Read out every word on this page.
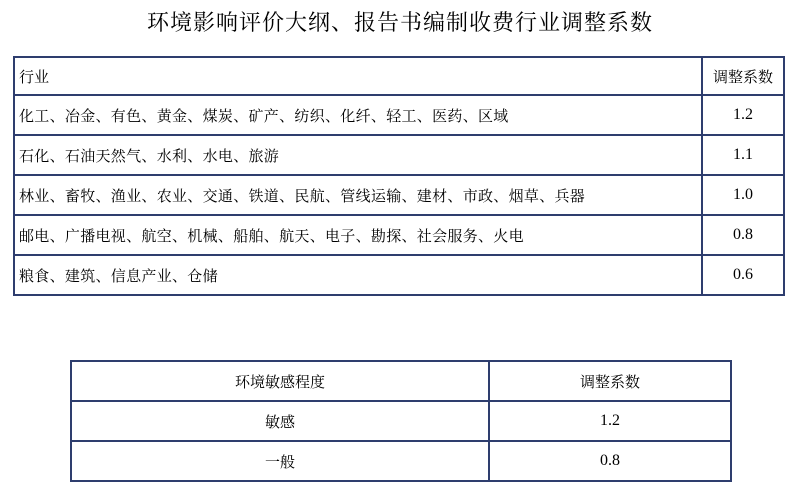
环境影响评价大纲、报告书编制收费行业调整系数
行业	调整系数
化工、冶金、有色、黄金、煤炭、矿产、纺织、化纤、轻工、医药、区域	1.2
石化、石油天然气、水利、水电、旅游	1.1
林业、畜牧、渔业、农业、交通、铁道、民航、管线运输、建材、市政、烟草、兵器	1.0
邮电、广播电视、航空、机械、船舶、航天、电子、勘探、社会服务、火电	0.8
粮食、建筑、信息产业、仓储	0.6
环境敏感程度	调整系数
敏感	1.2
一般	0.8
